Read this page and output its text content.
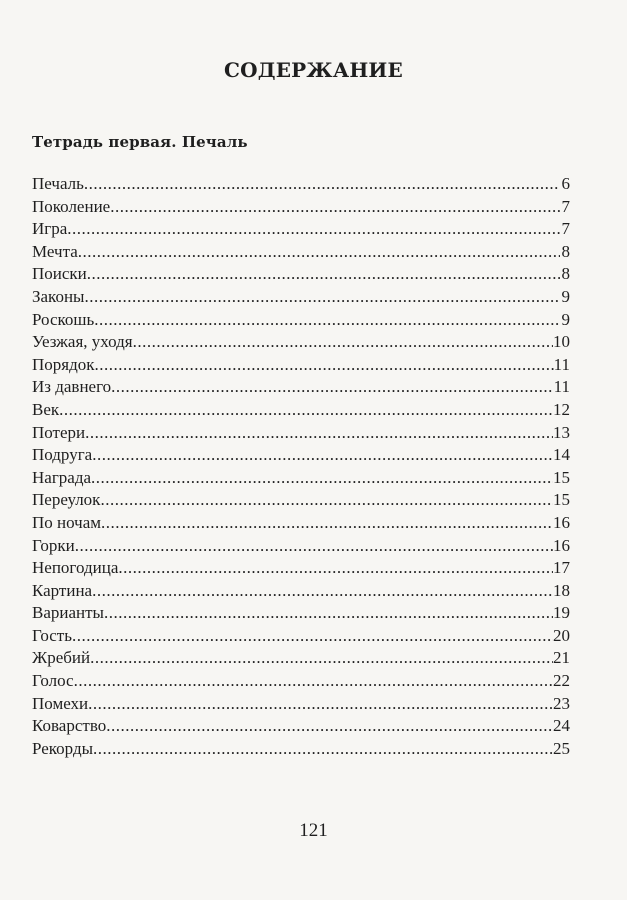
СОДЕРЖАНИЕ
Тетрадь первая. Печаль
Печаль .....	6
Поколение .....	7
Игра .....	7
Мечта .....	8
Поиски .....	8
Законы .....	9
Роскошь .....	9
Уезжая, уходя .....	10
Порядок .....	11
Из давнего .....	11
Век .....	12
Потери .....	13
Подруга .....	14
Награда .....	15
Переулок .....	15
По ночам .....	16
Горки .....	16
Непогодица .....	17
Картина .....	18
Варианты .....	19
Гость .....	20
Жребий .....	21
Голос .....	22
Помехи .....	23
Коварство .....	24
Рекорды .....	25
121
